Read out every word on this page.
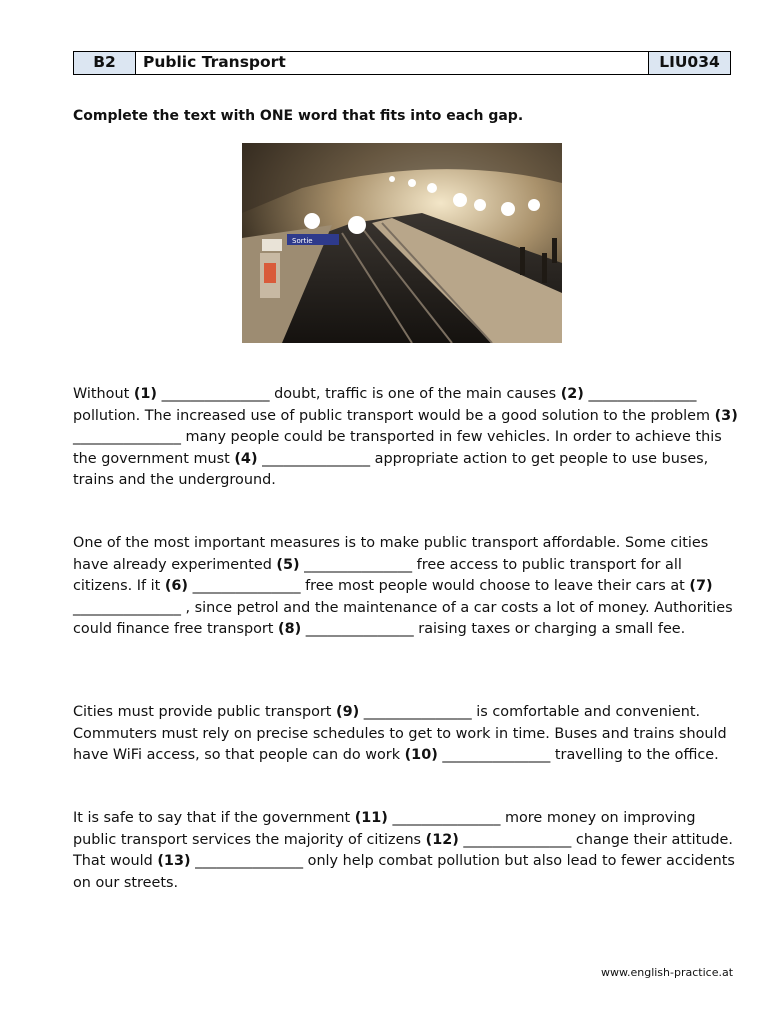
B2	Public Transport	LIU034
Complete the text with ONE word that fits into each gap.
Sortie

Without (1) _______________ doubt, traffic is one of the main causes (2) _______________ pollution. The increased use of public transport would be a good solution to the problem (3) _______________ many people could be transported in few vehicles. In order to achieve this the government must (4) _______________ appropriate action to get people to use buses, trains and the underground.

One of the most important measures is to make public transport affordable. Some cities have already experimented (5) _______________ free access to public transport for all citizens. If it (6) _______________ free most people would choose to leave their cars at (7) _______________ , since petrol and the maintenance of a car costs a lot of money. Authorities could finance free transport (8) _______________ raising taxes or charging a small fee.

Cities must provide public transport (9) _______________ is comfortable and convenient. Commuters must rely on precise schedules to get to work in time. Buses and trains should have WiFi access, so that people can do work (10) _______________ travelling to the office.

It is safe to say that if the government (11) _______________ more money on improving public transport services the majority of citizens (12) _______________ change their attitude. That would (13) _______________ only help combat pollution but also lead to fewer accidents on our streets.

www.english-practice.at
